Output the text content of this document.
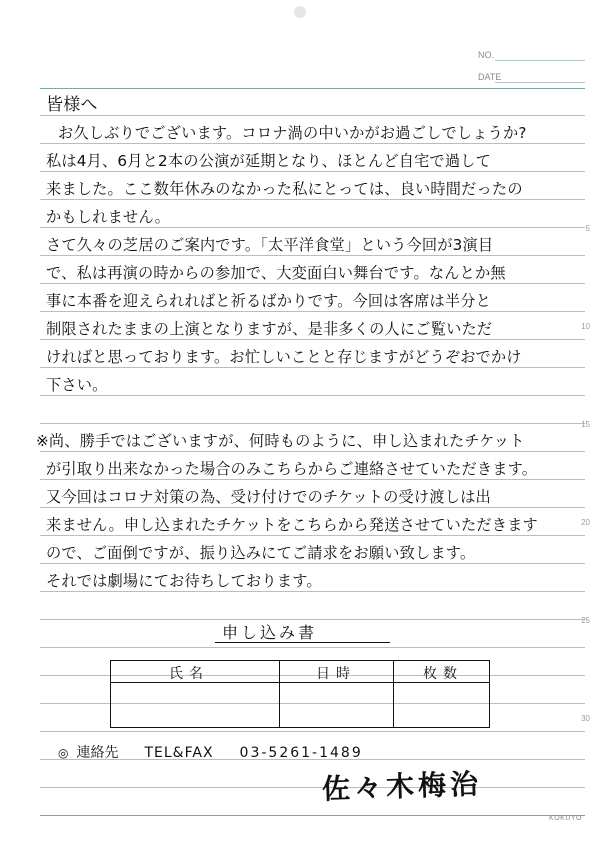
NO.
DATE
5
10
15
20
25
30
皆様へ
お久しぶりでございます。コロナ渦の中いかがお過ごしでしょうか?
私は4月、6月と2本の公演が延期となり、ほとんど自宅で過して
来ました。ここ数年休みのなかった私にとっては、良い時間だったの
かもしれません。
さて久々の芝居のご案内です。「太平洋食堂」という今回が3演目
で、私は再演の時からの参加で、大変面白い舞台です。なんとか無
事に本番を迎えられればと祈るばかりです。今回は客席は半分と
制限されたままの上演となりますが、是非多くの人にご覧いただ
ければと思っております。お忙しいことと存じますがどうぞおでかけ
下さい。
※尚、勝手ではございますが、何時ものように、申し込まれたチケット
が引取り出来なかった場合のみこちらからご連絡させていただきます。
又今回はコロナ対策の為、受け付けでのチケットの受け渡しは出
来ません。申し込まれたチケットをこちらから発送させていただきます
ので、ご面倒ですが、振り込みにてご請求をお願い致します。
それでは劇場にてお待ちしております。
申し込み書
氏名	日時	枚数
◎ 連絡先 TEL&FAX 03-5261-1489
佐々木梅治
KOKUYO
